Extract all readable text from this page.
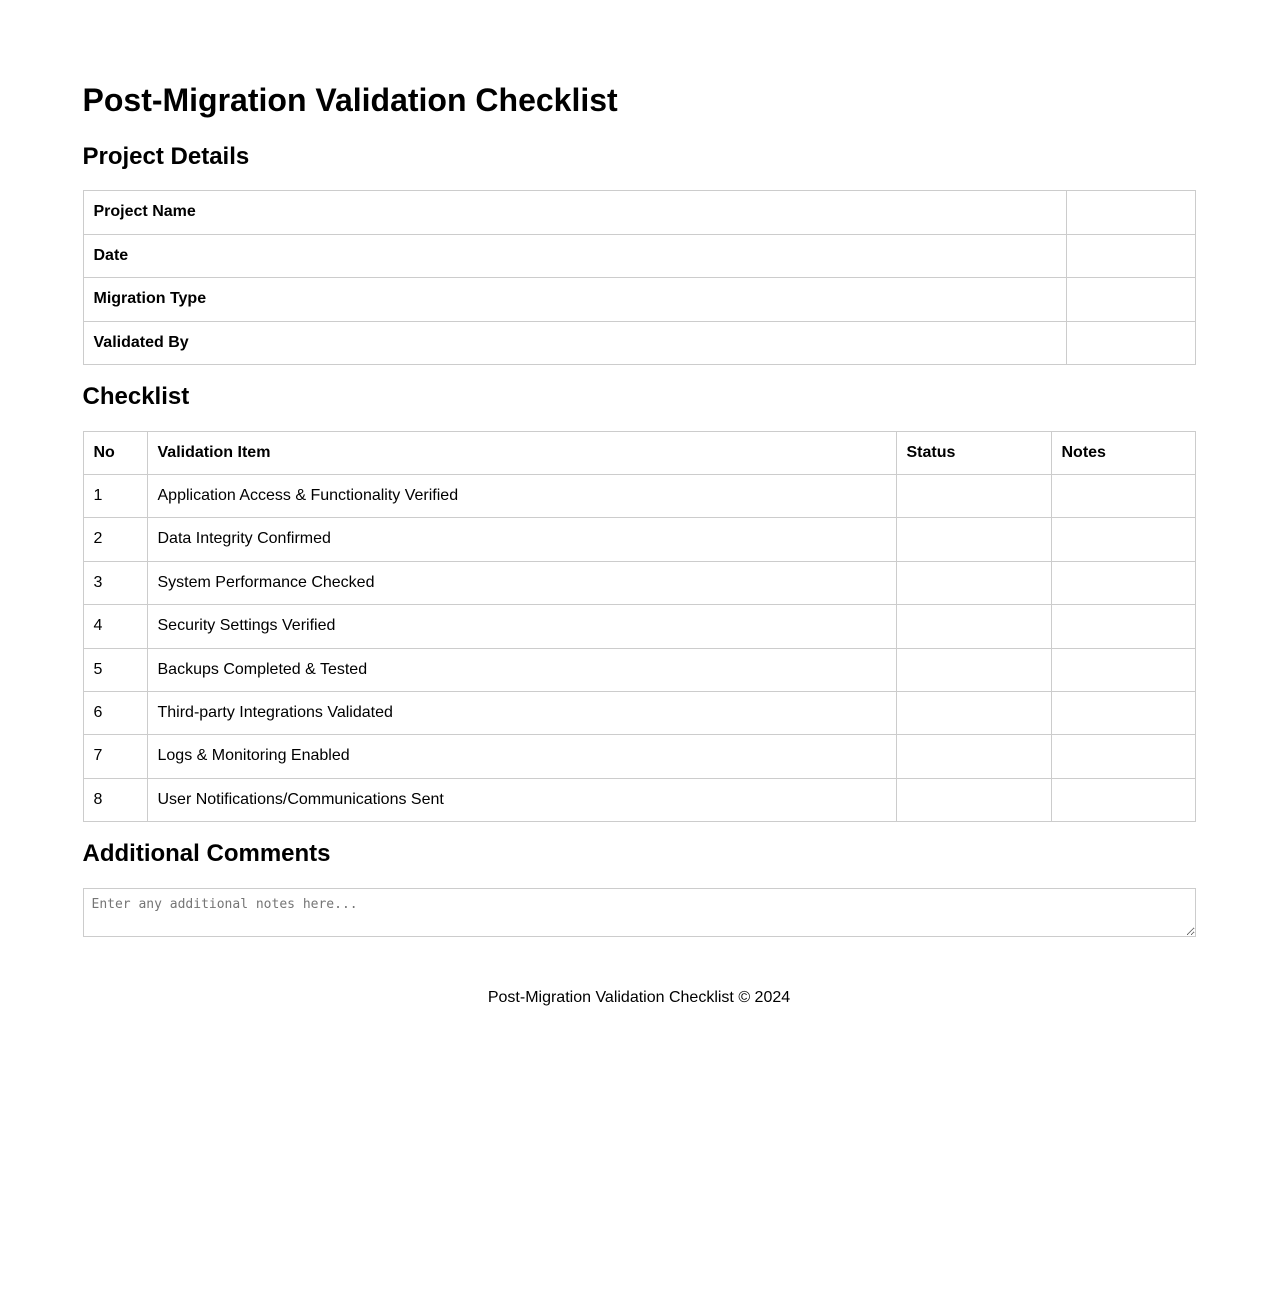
Post-Migration Validation Checklist
Project Details
Project Name	
Date	
Migration Type	
Validated By	
Checklist
No	Validation Item	Status	Notes
1	Application Access & Functionality Verified		
2	Data Integrity Confirmed		
3	System Performance Checked		
4	Security Settings Verified		
5	Backups Completed & Tested		
6	Third-party Integrations Validated		
7	Logs & Monitoring Enabled		
8	User Notifications/Communications Sent		
Additional Comments
Enter any additional notes here...
Post-Migration Validation Checklist © 2024
